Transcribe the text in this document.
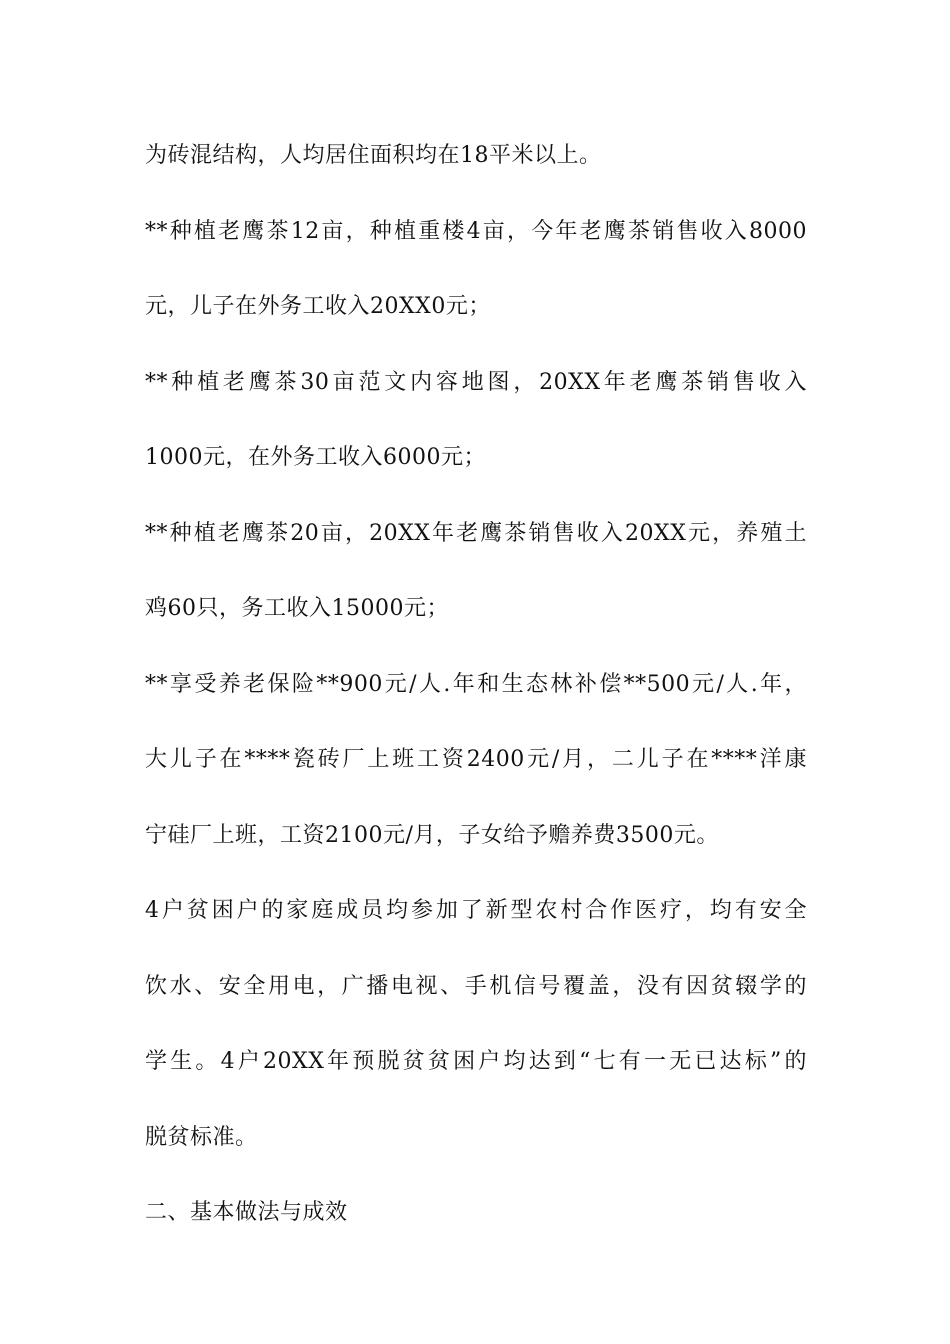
为砖混结构，人均居住面积均在18平米以上。
**种植老鹰茶12亩，种植重楼4亩，今年老鹰茶销售收入8000
元，儿子在外务工收入20XX0元；
**种植老鹰茶30亩范文内容地图，20XX年老鹰茶销售收入
1000元，在外务工收入6000元；
**种植老鹰茶20亩，20XX年老鹰茶销售收入20XX元，养殖土
鸡60只，务工收入15000元；
**享受养老保险**900元/人.年和生态林补偿**500元/人.年，
大儿子在****瓷砖厂上班工资2400元/月，二儿子在****洋康
宁硅厂上班，工资2100元/月，子女给予赡养费3500元。
4户贫困户的家庭成员均参加了新型农村合作医疗，均有安全
饮水、安全用电，广播电视、手机信号覆盖，没有因贫辍学的
学生。4户20XX年预脱贫贫困户均达到“七有一无已达标”的
脱贫标准。
二、基本做法与成效
